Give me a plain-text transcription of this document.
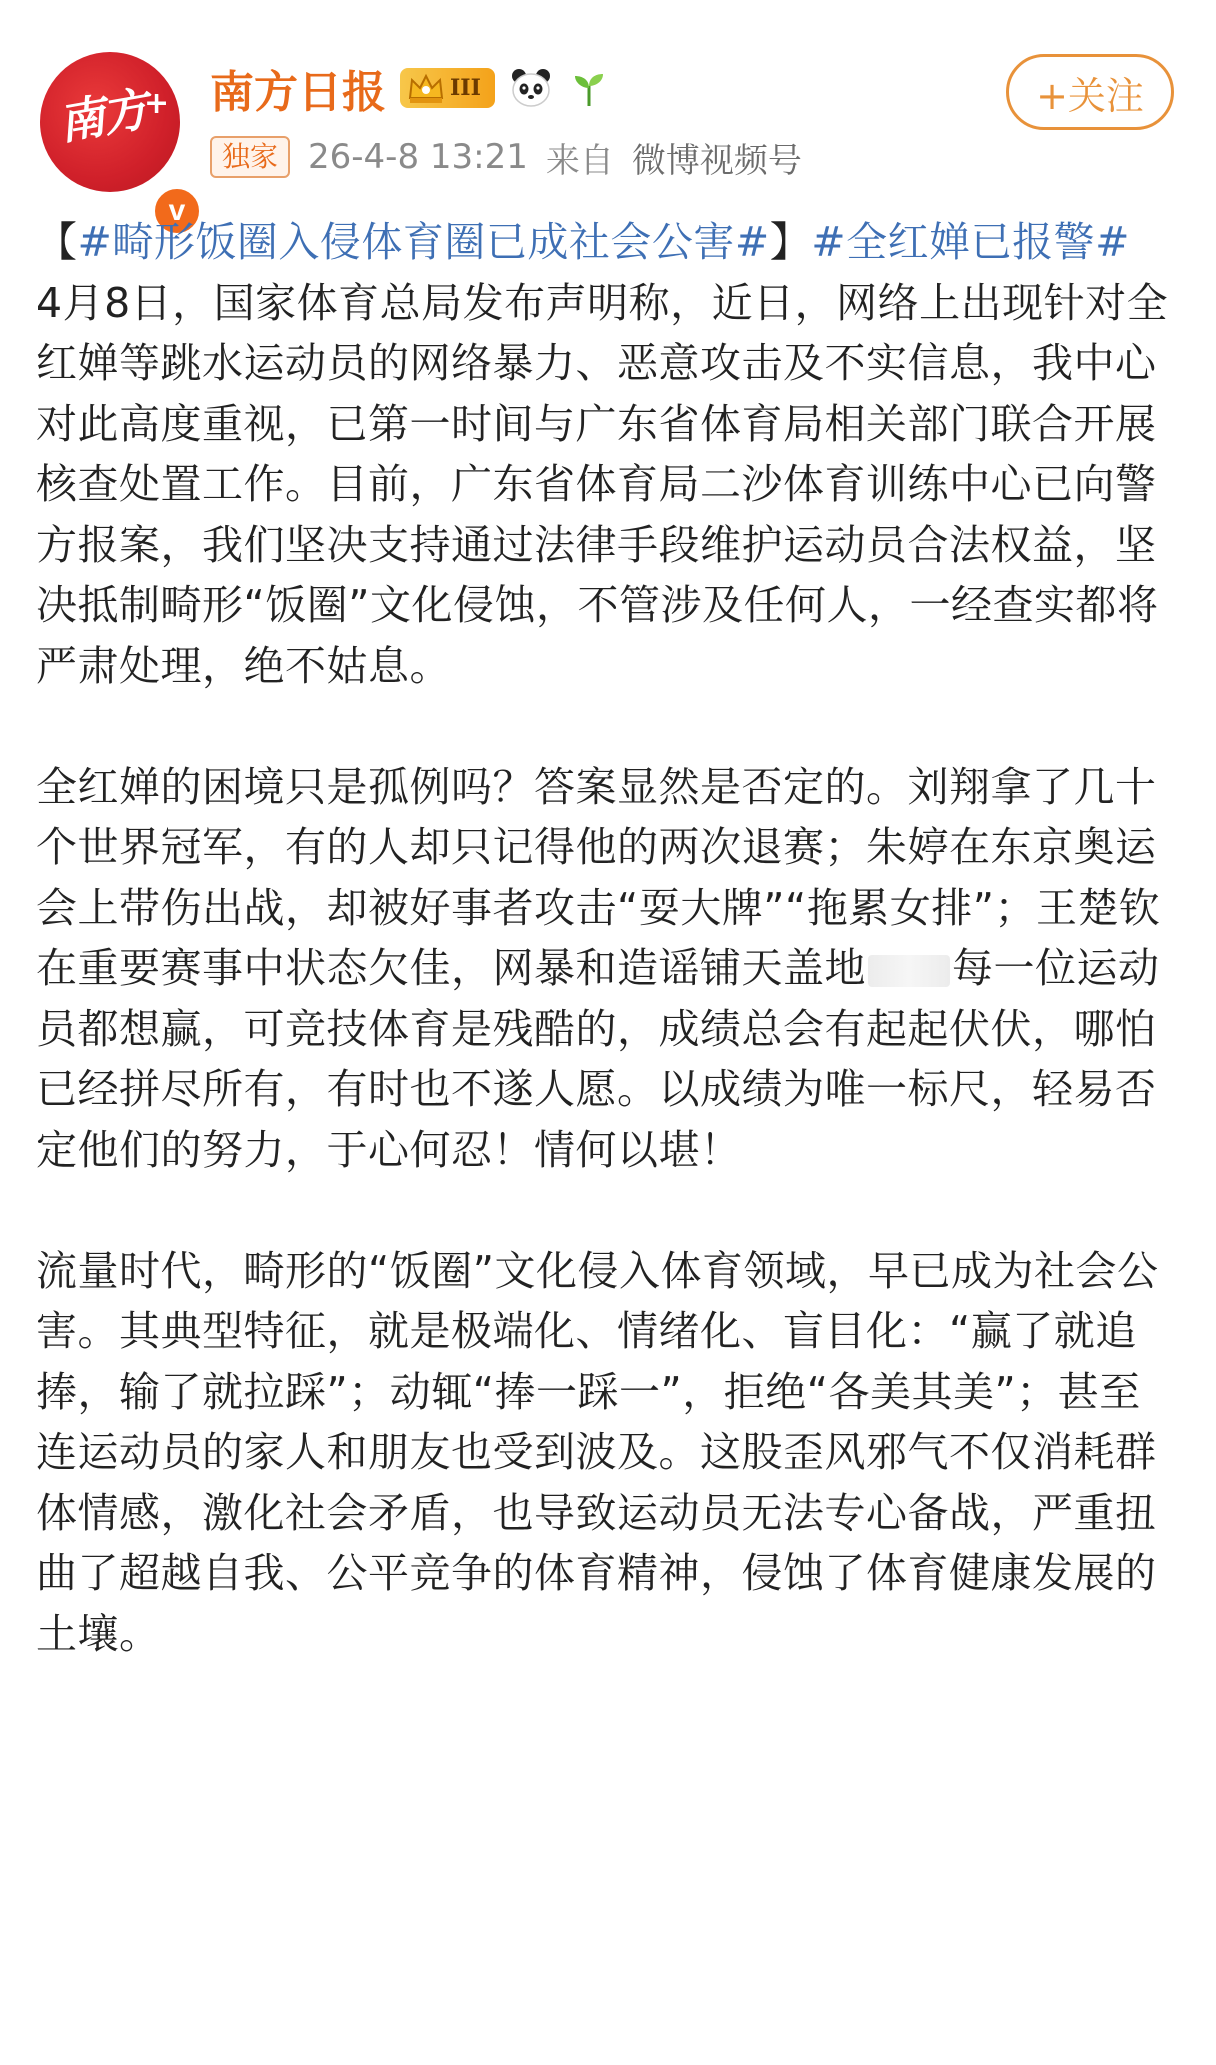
南方
+
v
南方日报	III
独家 26-4-8 13:21 来自 微博视频号
+关注

【#畸形饭圈入侵体育圈已成社会公害#】#全红婵已报警#

4月8日，国家体育总局发布声明称，近日，网络上出现针对全红婵等跳水运动员的网络暴力、恶意攻击及不实信息，我中心对此高度重视，已第一时间与广东省体育局相关部门联合开展核查处置工作。目前，广东省体育局二沙体育训练中心已向警方报案，我们坚决支持通过法律手段维护运动员合法权益，坚决抵制畸形“饭圈”文化侵蚀，不管涉及任何人，一经查实都将严肃处理，绝不姑息。

全红婵的困境只是孤例吗？答案显然是否定的。刘翔拿了几十个世界冠军，有的人却只记得他的两次退赛；朱婷在东京奥运会上带伤出战，却被好事者攻击“耍大牌”“拖累女排”；王楚钦在重要赛事中状态欠佳，网暴和造谣铺天盖地 每一位运动员都想赢，可竞技体育是残酷的，成绩总会有起起伏伏，哪怕已经拼尽所有，有时也不遂人愿。以成绩为唯一标尺，轻易否定他们的努力，于心何忍！情何以堪！

流量时代，畸形的“饭圈”文化侵入体育领域，早已成为社会公害。其典型特征，就是极端化、情绪化、盲目化：“赢了就追捧，输了就拉踩”；动辄“捧一踩一”，拒绝“各美其美”；甚至连运动员的家人和朋友也受到波及。这股歪风邪气不仅消耗群体情感，激化社会矛盾，也导致运动员无法专心备战，严重扭曲了超越自我、公平竞争的体育精神，侵蚀了体育健康发展的土壤。
